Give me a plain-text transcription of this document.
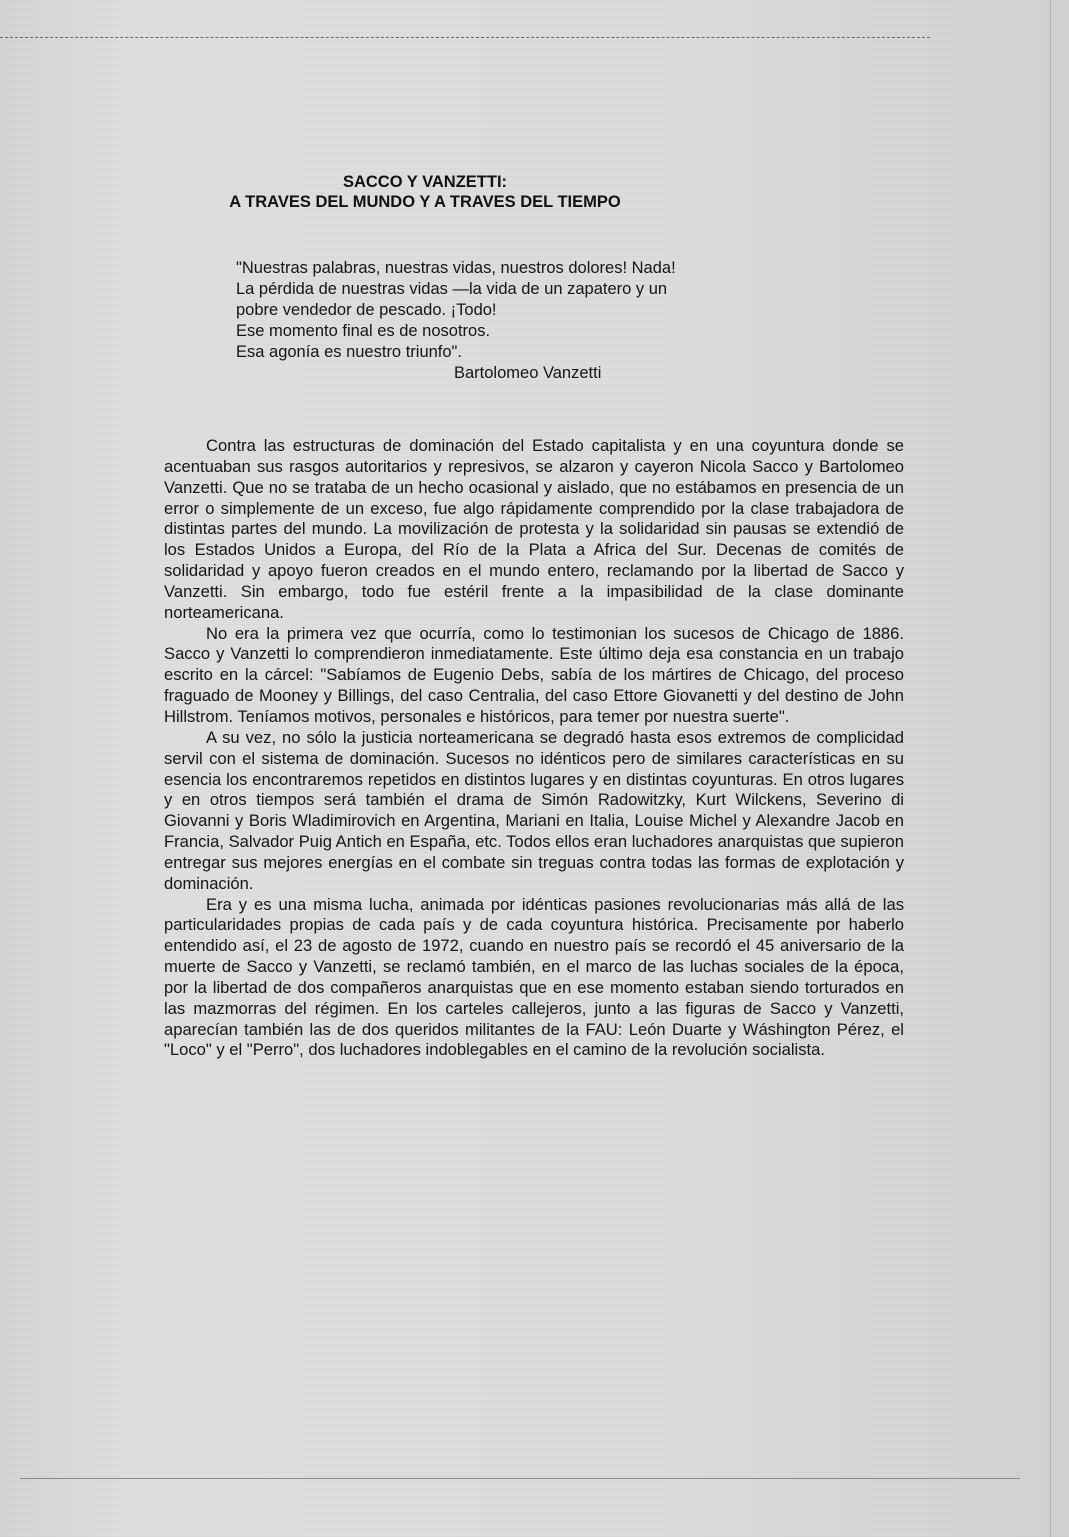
SACCO Y VANZETTI:
A TRAVES DEL MUNDO Y A TRAVES DEL TIEMPO
"Nuestras palabras, nuestras vidas, nuestros dolores! Nada!
La pérdida de nuestras vidas —la vida de un zapatero y un
pobre vendedor de pescado. ¡Todo!
Ese momento final es de nosotros.
Esa agonía es nuestro triunfo".
Bartolomeo Vanzetti

Contra las estructuras de dominación del Estado capitalista y en una coyuntura donde se acentuaban sus rasgos autoritarios y represivos, se alzaron y cayeron Nicola Sacco y Bartolomeo Vanzetti. Que no se trataba de un hecho ocasional y aislado, que no estábamos en presencia de un error o simplemente de un exceso, fue algo rápidamente comprendido por la clase trabajadora de distintas partes del mundo. La movilización de protesta y la solidaridad sin pausas se extendió de los Estados Unidos a Europa, del Río de la Plata a Africa del Sur. Decenas de comités de solidaridad y apoyo fueron creados en el mundo entero, reclamando por la libertad de Sacco y Vanzetti. Sin embargo, todo fue estéril frente a la impasibilidad de la clase dominante norteamericana.

No era la primera vez que ocurría, como lo testimonian los sucesos de Chicago de 1886. Sacco y Vanzetti lo comprendieron inmediatamente. Este último deja esa constancia en un trabajo escrito en la cárcel: "Sabíamos de Eugenio Debs, sabía de los mártires de Chicago, del proceso fraguado de Mooney y Billings, del caso Centralia, del caso Ettore Giovanetti y del destino de John Hillstrom. Teníamos motivos, personales e históricos, para temer por nuestra suerte".

A su vez, no sólo la justicia norteamericana se degradó hasta esos extremos de complicidad servil con el sistema de dominación. Sucesos no idénticos pero de similares características en su esencia los encontraremos repetidos en distintos lugares y en distintas coyunturas. En otros lugares y en otros tiempos será también el drama de Simón Radowitzky, Kurt Wilckens, Severino di Giovanni y Boris Wladimirovich en Argentina, Mariani en Italia, Louise Michel y Alexandre Jacob en Francia, Salvador Puig Antich en España, etc. Todos ellos eran luchadores anarquistas que supieron entregar sus mejores energías en el combate sin treguas contra todas las formas de explotación y dominación.

Era y es una misma lucha, animada por idénticas pasiones revolucionarias más allá de las particularidades propias de cada país y de cada coyuntura histórica. Precisamente por haberlo entendido así, el 23 de agosto de 1972, cuando en nuestro país se recordó el 45 aniversario de la muerte de Sacco y Vanzetti, se reclamó también, en el marco de las luchas sociales de la época, por la libertad de dos compañeros anarquistas que en ese momento estaban siendo torturados en las mazmorras del régimen. En los carteles callejeros, junto a las figuras de Sacco y Vanzetti, aparecían también las de dos queridos militantes de la FAU: León Duarte y Wáshington Pérez, el "Loco" y el "Perro", dos luchadores indoblegables en el camino de la revolución socialista.
